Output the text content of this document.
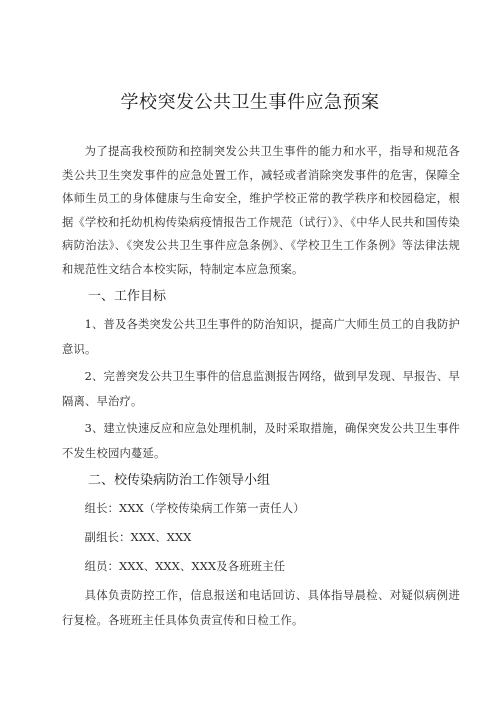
学校突发公共卫生事件应急预案

为了提高我校预防和控制突发公共卫生事件的能力和水平，指导和规范各类公共卫生突发事件的应急处置工作，减轻或者消除突发事件的危害，保障全体师生员工的身体健康与生命安全，维护学校正常的教学秩序和校园稳定，根据《学校和托幼机构传染病疫情报告工作规范（试行）》、《中华人民共和国传染病防治法》、《突发公共卫生事件应急条例》、《学校卫生工作条例》等法律法规和规范性文结合本校实际，特制定本应急预案。

一、工作目标

1、普及各类突发公共卫生事件的防治知识，提高广大师生员工的自我防护意识。

2、完善突发公共卫生事件的信息监测报告网络，做到早发现、早报告、早隔离、早治疗。

3、建立快速反应和应急处理机制，及时采取措施，确保突发公共卫生事件不发生校园内蔓延。

二、校传染病防治工作领导小组

组长：XXX（学校传染病工作第一责任人）

副组长：XXX、XXX

组员：XXX、XXX、XXX及各班班主任

具体负责防控工作，信息报送和电话回访、具体指导晨检、对疑似病例进行复检。各班班主任具体负责宣传和日检工作。
